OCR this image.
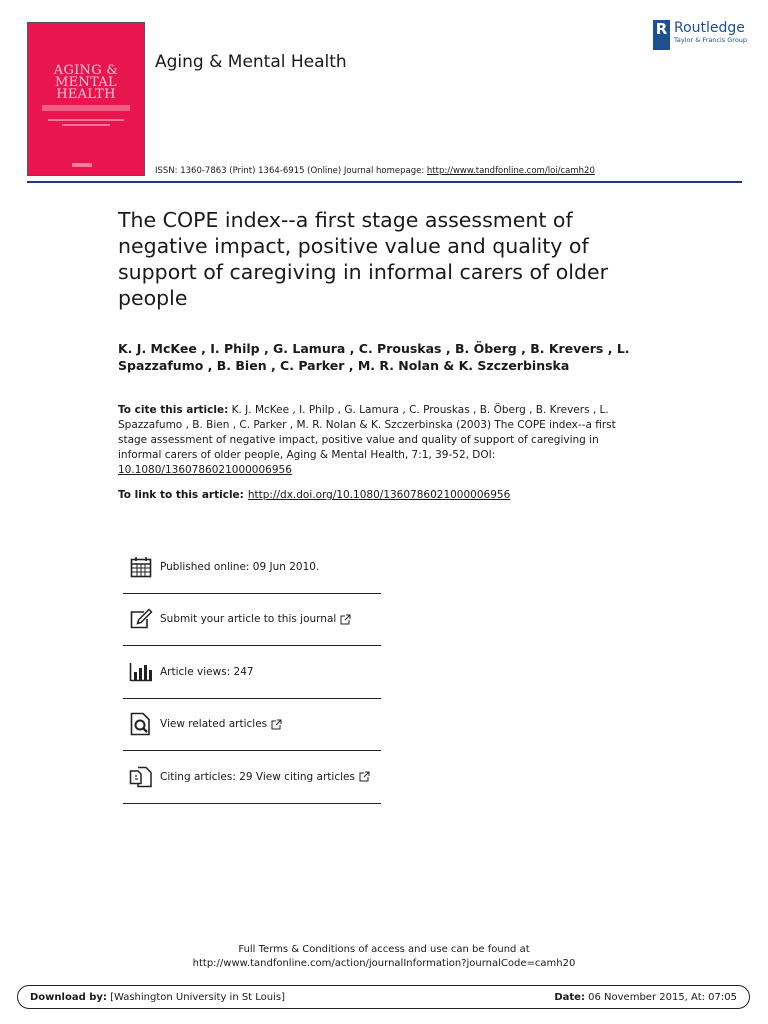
AGING & MENTAL HEALTH
Aging & Mental Health
R Routledge
Taylor & Francis Group
ISSN: 1360-7863 (Print) 1364-6915 (Online) Journal homepage: http://www.tandfonline.com/loi/camh20
The COPE index--a first stage assessment of negative impact, positive value and quality of support of caregiving in informal carers of older people
K. J. McKee , I. Philp , G. Lamura , C. Prouskas , B. Öberg , B. Krevers , L. Spazzafumo , B. Bien , C. Parker , M. R. Nolan & K. Szczerbinska
To cite this article: K. J. McKee , I. Philp , G. Lamura , C. Prouskas , B. Öberg , B. Krevers , L. Spazzafumo , B. Bien , C. Parker , M. R. Nolan & K. Szczerbinska (2003) The COPE index--a first stage assessment of negative impact, positive value and quality of support of caregiving in informal carers of older people, Aging & Mental Health, 7:1, 39-52, DOI: 10.1080/1360786021000006956
To link to this article: http://dx.doi.org/10.1080/1360786021000006956
Published online: 09 Jun 2010.
Submit your article to this journal
Article views: 247
View related articles
Citing articles: 29 View citing articles
Full Terms & Conditions of access and use can be found at
http://www.tandfonline.com/action/journalInformation?journalCode=camh20
Download by: [Washington University in St Louis]	Date: 06 November 2015, At: 07:05
